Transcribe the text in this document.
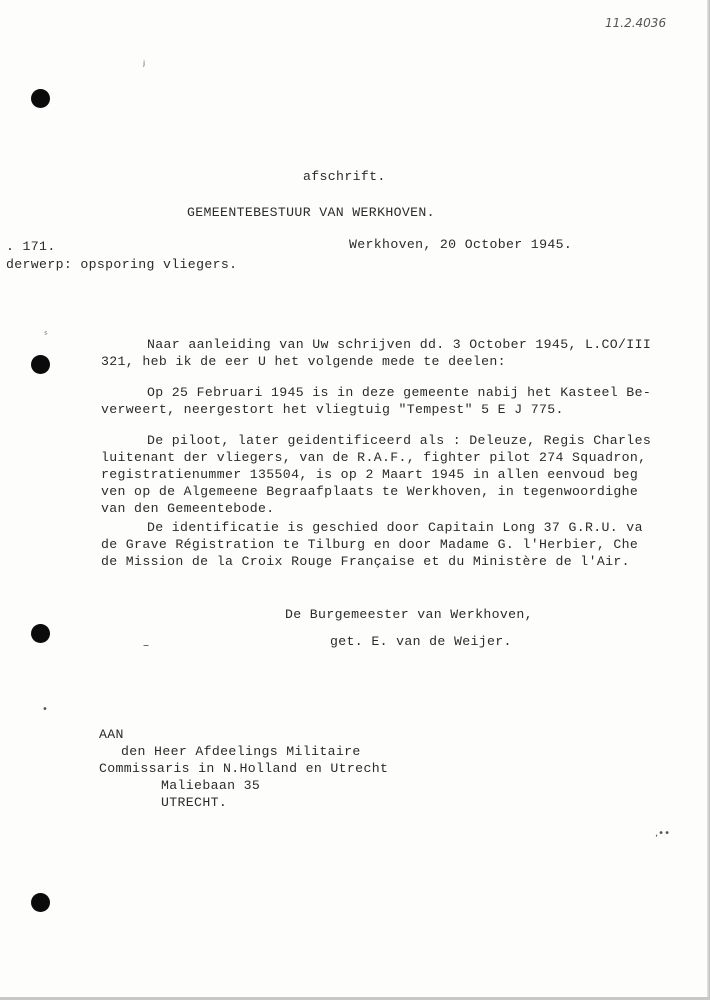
ʲ
ˢ
•
,••
–
11.2.4036
afschrift.
GEMEENTEBESTUUR VAN WERKHOVEN.
. 171.	Werkhoven, 20 October 1945.
derwerp: opsporing vliegers.
Naar aanleiding van Uw schrijven dd. 3 October 1945, L.CO/III
321, heb ik de eer U het volgende mede te deelen:
Op 25 Februari 1945 is in deze gemeente nabij het Kasteel Be-
verweert, neergestort het vliegtuig "Tempest" 5 E J 775.
De piloot, later geidentificeerd als : Deleuze, Regis Charles
luitenant der vliegers, van de R.A.F., fighter pilot 274 Squadron,
registratienummer 135504, is op 2 Maart 1945 in allen eenvoud beg
ven op de Algemeene Begraafplaats te Werkhoven, in tegenwoordighe
van den Gemeentebode.
De identificatie is geschied door Capitain Long 37 G.R.U. va
de Grave Régistration te Tilburg en door Madame G. l'Herbier, Che
de Mission de la Croix Rouge Française et du Ministère de l'Air.
De Burgemeester van Werkhoven,
get. E. van de Weijer.
AAN
den Heer Afdeelings Militaire
Commissaris in N.Holland en Utrecht
Maliebaan 35
UTRECHT.
